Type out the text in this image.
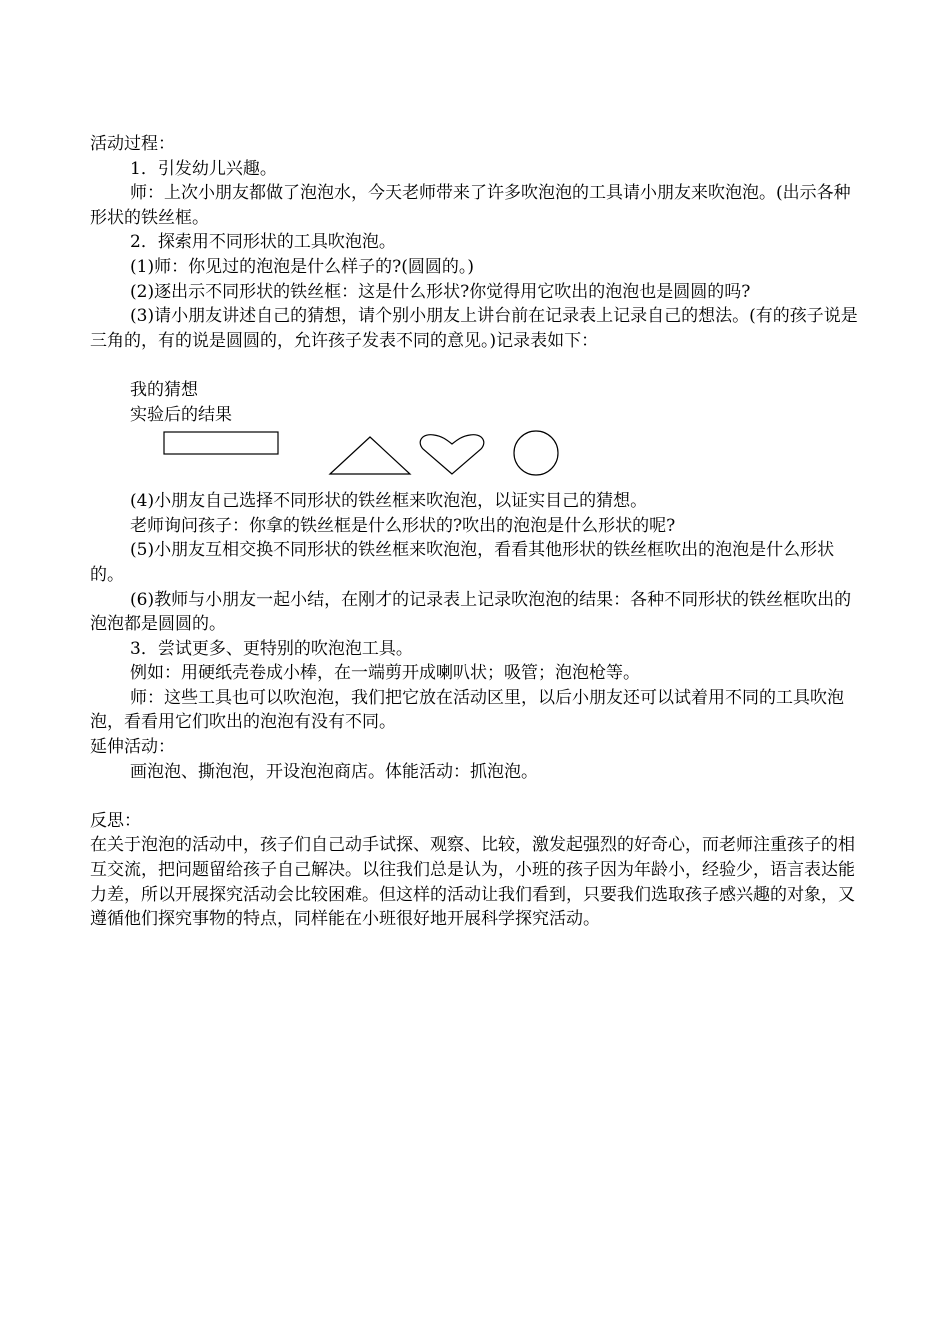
活动过程：

1．引发幼儿兴趣。

师：上次小朋友都做了泡泡水，今天老师带来了许多吹泡泡的工具请小朋友来吹泡泡。(出示各种形状的铁丝框。

2．探索用不同形状的工具吹泡泡。

(1)师：你见过的泡泡是什么样子的?(圆圆的。)

(2)逐出示不同形状的铁丝框：这是什么形状?你觉得用它吹出的泡泡也是圆圆的吗?

(3)请小朋友讲述自己的猜想，请个别小朋友上讲台前在记录表上记录自己的想法。(有的孩子说是三角的，有的说是圆圆的，允许孩子发表不同的意见。)记录表如下：

我的猜想

实验后的结果

(4)小朋友自己选择不同形状的铁丝框来吹泡泡，以证实目己的猜想。

老师询问孩子：你拿的铁丝框是什么形状的?吹出的泡泡是什么形状的呢?

(5)小朋友互相交换不同形状的铁丝框来吹泡泡，看看其他形状的铁丝框吹出的泡泡是什么形状的。

(6)教师与小朋友一起小结，在刚才的记录表上记录吹泡泡的结果：各种不同形状的铁丝框吹出的泡泡都是圆圆的。

3．尝试更多、更特别的吹泡泡工具。

例如：用硬纸壳卷成小棒，在一端剪开成喇叭状；吸管；泡泡枪等。

师：这些工具也可以吹泡泡，我们把它放在活动区里，以后小朋友还可以试着用不同的工具吹泡泡，看看用它们吹出的泡泡有没有不同。

延伸活动：

画泡泡、撕泡泡，开设泡泡商店。体能活动：抓泡泡。

反思：

在关于泡泡的活动中，孩子们自己动手试探、观察、比较，激发起强烈的好奇心，而老师注重孩子的相互交流，把问题留给孩子自己解决。以往我们总是认为，小班的孩子因为年龄小，经验少，语言表达能力差，所以开展探究活动会比较困难。但这样的活动让我们看到，只要我们选取孩子感兴趣的对象，又遵循他们探究事物的特点，同样能在小班很好地开展科学探究活动。
